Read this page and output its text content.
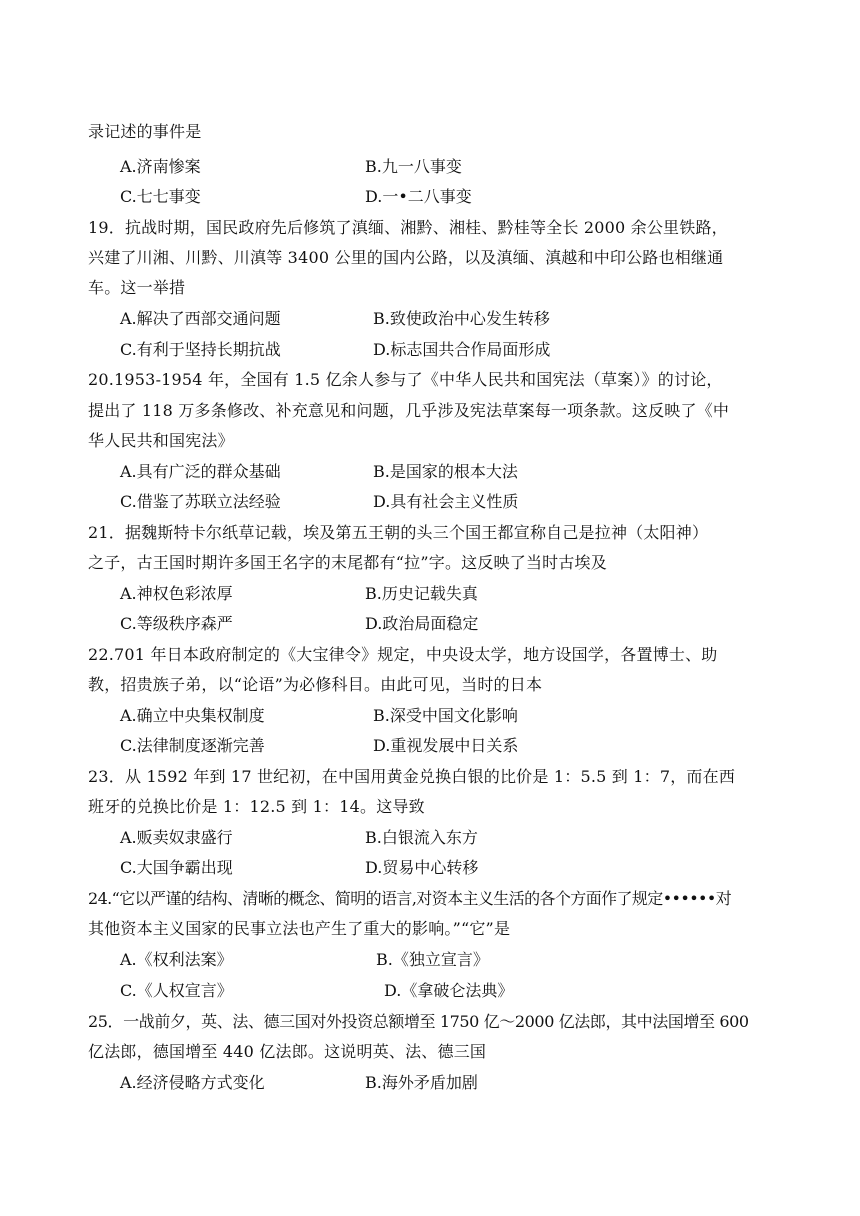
录记述的事件是
A.济南惨案	B.九一八事变
C.七七事变	D.一•二八事变
19．抗战时期，国民政府先后修筑了滇缅、湘黔、湘桂、黔桂等全长 2000 余公里铁路，
兴建了川湘、川黔、川滇等 3400 公里的国内公路，以及滇缅、滇越和中印公路也相继通
车。这一举措
A.解决了西部交通问题	B.致使政治中心发生转移
C.有利于坚持长期抗战	D.标志国共合作局面形成
20.1953-1954 年，全国有 1.5 亿余人参与了《中华人民共和国宪法（草案）》的讨论，
提出了 118 万多条修改、补充意见和问题，几乎涉及宪法草案每一项条款。这反映了《中
华人民共和国宪法》
A.具有广泛的群众基础	B.是国家的根本大法
C.借鉴了苏联立法经验	D.具有社会主义性质
21．据魏斯特卡尔纸草记载，埃及第五王朝的头三个国王都宣称自己是拉神（太阳神）
之子，古王国时期许多国王名字的末尾都有“拉”字。这反映了当时古埃及
A.神权色彩浓厚	B.历史记载失真
C.等级秩序森严	D.政治局面稳定
22.701 年日本政府制定的《大宝律令》规定，中央设太学，地方设国学，各置博士、助
教，招贵族子弟，以“论语”为必修科目。由此可见，当时的日本
A.确立中央集权制度	B.深受中国文化影响
C.法律制度逐渐完善	D.重视发展中日关系
23．从 1592 年到 17 世纪初，在中国用黄金兑换白银的比价是 1：5.5 到 1：7，而在西
班牙的兑换比价是 1：12.5 到 1：14。这导致
A.贩卖奴隶盛行	B.白银流入东方
C.大国争霸出现	D.贸易中心转移
24.“它以严谨的结构、清晰的概念、简明的语言,对资本主义生活的各个方面作了规定••••••对
其他资本主义国家的民事立法也产生了重大的影响。”“它”是
A.《权利法案》	B.《独立宣言》
C.《人权宣言》	D.《拿破仑法典》
25．一战前夕，英、法、德三国对外投资总额增至 1750 亿～2000 亿法郎，其中法国增至 600
亿法郎，德国增至 440 亿法郎。这说明英、法、德三国
A.经济侵略方式变化	B.海外矛盾加剧
